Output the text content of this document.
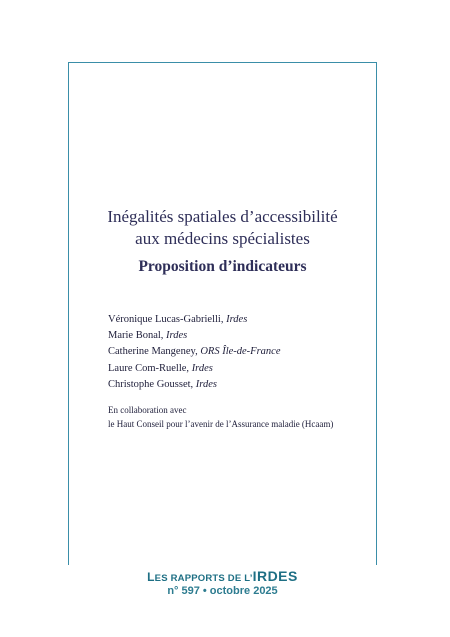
Inégalités spatiales d’accessibilité
aux médecins spécialistes
Proposition d’indicateurs
Véronique Lucas-Gabrielli, Irdes
Marie Bonal, Irdes
Catherine Mangeney, ORS Île-de-France
Laure Com-Ruelle, Irdes
Christophe Gousset, Irdes
En collaboration avec
le Haut Conseil pour l’avenir de l’Assurance maladie (Hcaam)
LES RAPPORTS DE L’IRDES
n° 597 • octobre 2025
